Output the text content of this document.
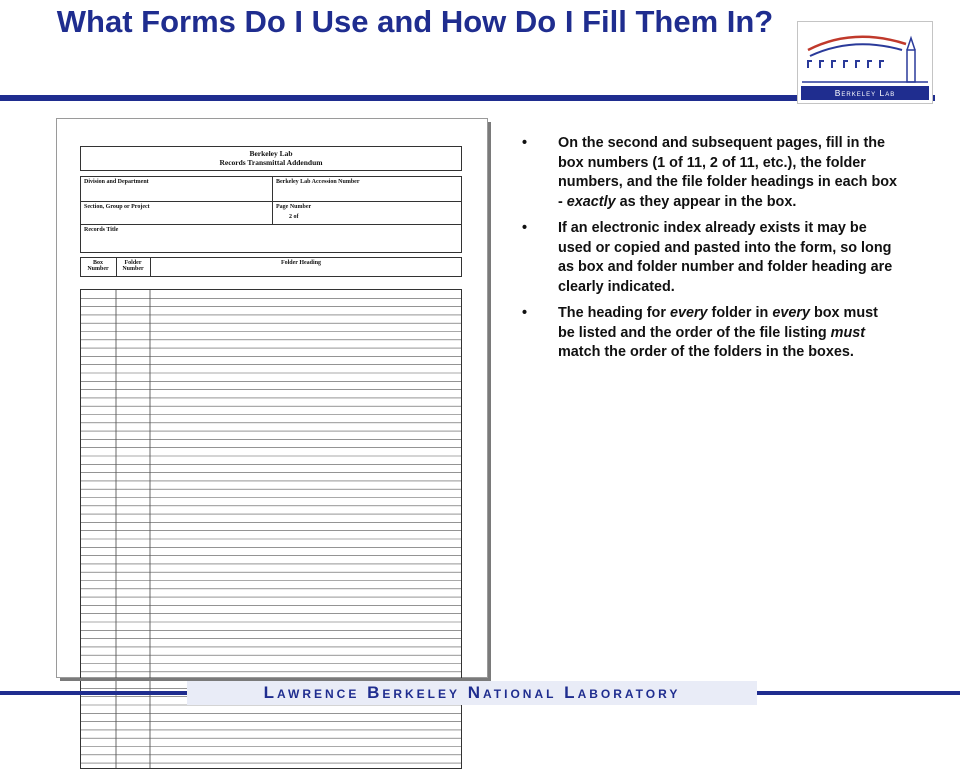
What Forms Do I Use and How Do I Fill Them In?
Berkeley Lab
Berkeley Lab
Records Transmittal Addendum
Division and Department	Berkeley Lab Accession Number
Section, Group or Project	Page Number
2 of
Records Title
Box Number
Folder Number
Folder Heading
• On the second and subsequent pages, fill in the box numbers (1 of 11, 2 of 11, etc.), the folder numbers, and the file folder headings in each box - exactly as they appear in the box.
• If an electronic index already exists it may be used or copied and pasted into the form, so long as box and folder number and folder heading are clearly indicated.
• The heading for every folder in every box must be listed and the order of the file listing must match the order of the folders in the boxes.
Lawrence Berkeley National Laboratory
